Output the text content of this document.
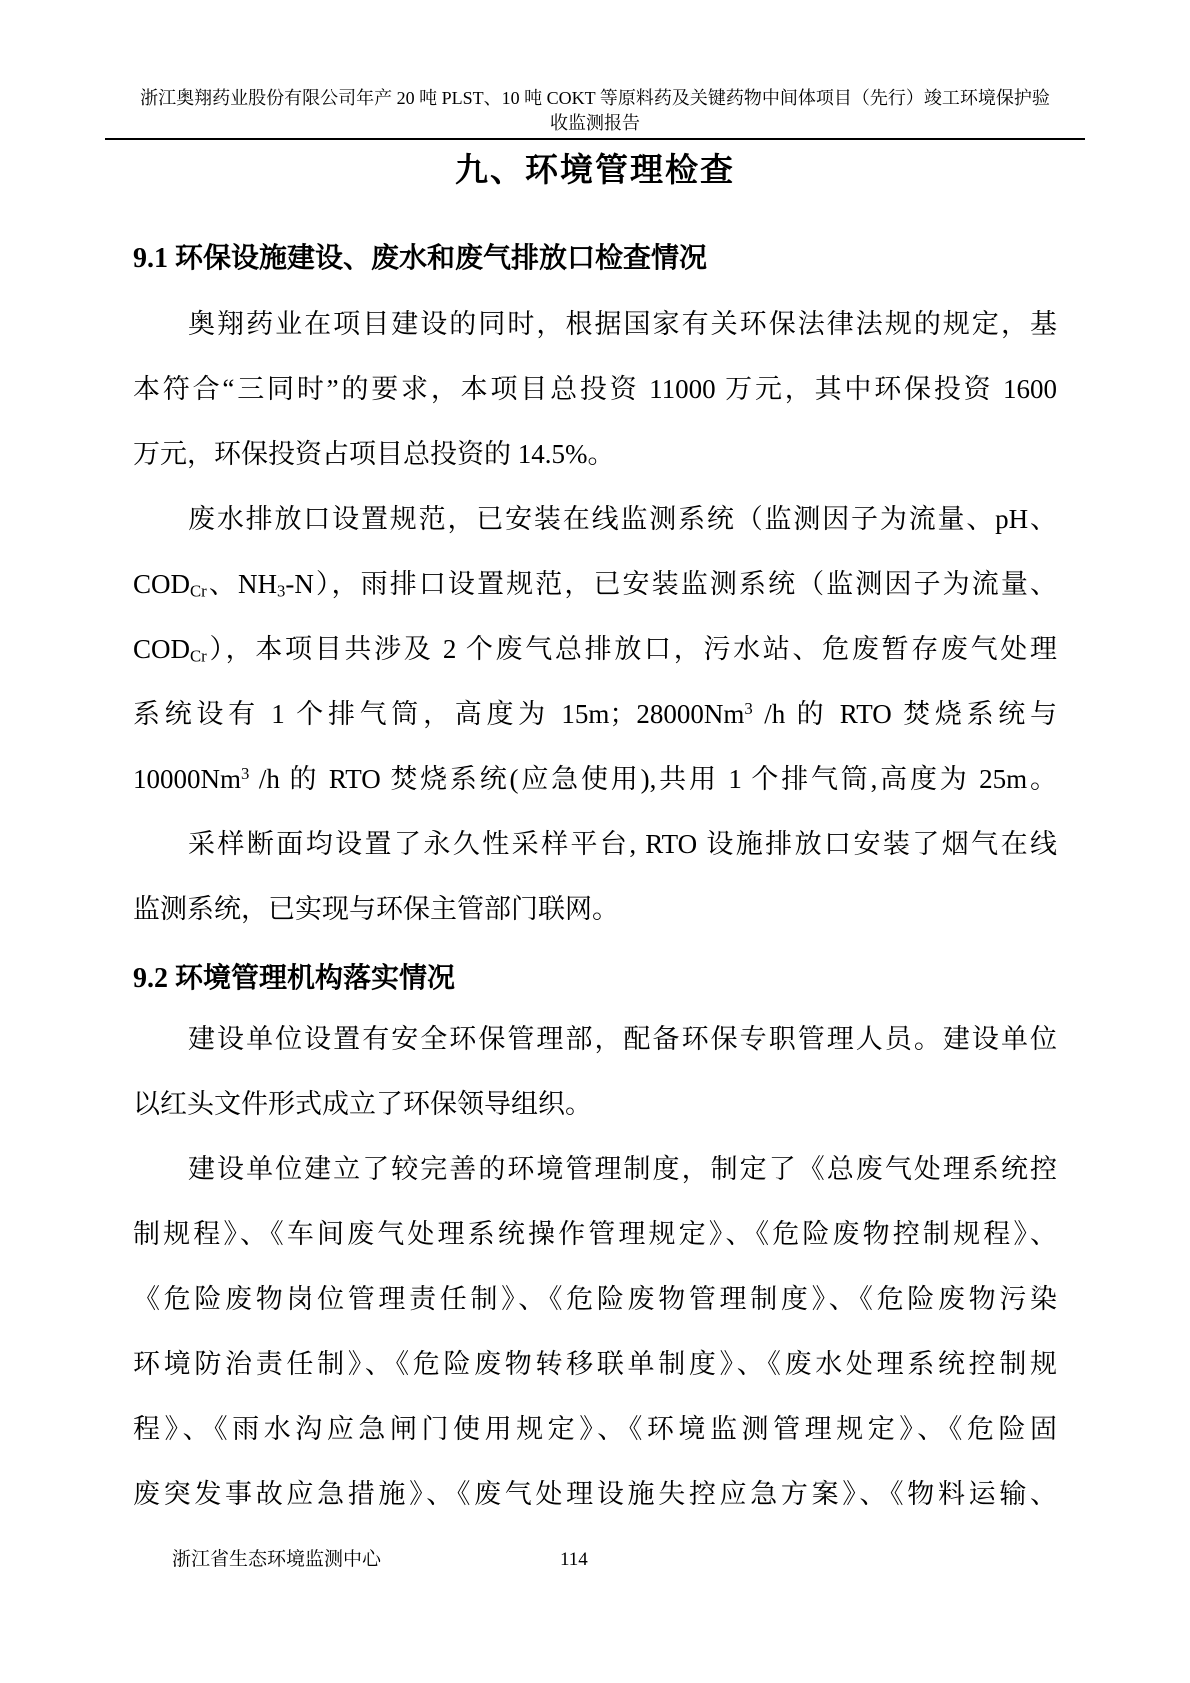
浙江奥翔药业股份有限公司年产 20 吨 PLST、10 吨 COKT 等原料药及关键药物中间体项目（先行）竣工环境保护验
收监测报告
九、环境管理检查
9.1 环保设施建设、废水和废气排放口检查情况
奥翔药业在项目建设的同时，根据国家有关环保法律法规的规定，基
本符合“三同时”的要求，本项目总投资 11000 万元，其中环保投资 1600
万元，环保投资占项目总投资的 14.5%。
废水排放口设置规范，已安装在线监测系统（监测因子为流量、pH、
$COD_{Cr}$、$NH_3-N$），雨排口设置规范，已安装监测系统（监测因子为流量、
$COD_{Cr}$），本项目共涉及 2 个废气总排放口，污水站、危废暂存废气处理
系统设有 1 个排气筒，高度为 15m；28000Nm$^3$ /h 的 RTO 焚烧系统与
10000Nm$^3$ /h 的 RTO 焚烧系统(应急使用),共用 1 个排气筒,高度为 25m。
采样断面均设置了永久性采样平台, RTO 设施排放口安装了烟气在线
监测系统，已实现与环保主管部门联网。
9.2 环境管理机构落实情况
建设单位设置有安全环保管理部，配备环保专职管理人员。建设单位
以红头文件形式成立了环保领导组织。
建设单位建立了较完善的环境管理制度，制定了《总废气处理系统控
制规程》、《车间废气处理系统操作管理规定》、《危险废物控制规程》、
《危险废物岗位管理责任制》、《危险废物管理制度》、《危险废物污染
环境防治责任制》、《危险废物转移联单制度》、《废水处理系统控制规
程》、《雨水沟应急闸门使用规定》、《环境监测管理规定》、《危险固
废突发事故应急措施》、《废气处理设施失控应急方案》、《物料运输、
浙江省生态环境监测中心	114
